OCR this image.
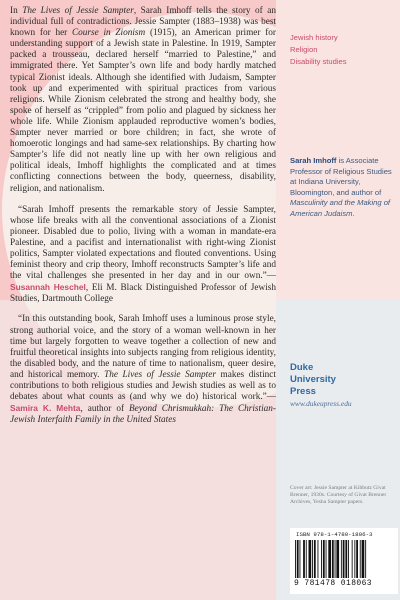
In The Lives of Jessie Sampter, Sarah Imhoff tells the story of an individual full of contradictions. Jessie Sampter (1883–1938) was best known for her Course in Zionism (1915), an American primer for understanding support of a Jewish state in Palestine. In 1919, Sampter packed a trousseau, declared herself “married to Palestine,” and immigrated there. Yet Sampter’s own life and body hardly matched typical Zionist ideals. Although she identified with Judaism, Sampter took up and experimented with spiritual practices from various religions. While Zionism celebrated the strong and healthy body, she spoke of herself as “crippled” from polio and plagued by sickness her whole life. While Zionism applauded reproductive women’s bodies, Sampter never married or bore children; in fact, she wrote of homoerotic longings and had same-sex relationships. By charting how Sampter’s life did not neatly line up with her own religious and political ideals, Imhoff highlights the complicated and at times conflicting connections between the body, queerness, disability, religion, and nationalism.

“Sarah Imhoff presents the remarkable story of Jessie Sampter, whose life breaks with all the conventional associations of a Zionist pioneer. Disabled due to polio, living with a woman in mandate-era Palestine, and a pacifist and internationalist with right-wing Zionist politics, Sampter violated expectations and flouted conventions. Using feminist theory and crip theory, Imhoff reconstructs Sampter’s life and the vital challenges she presented in her day and in our own.”—Susannah Heschel, Eli M. Black Distinguished Professor of Jewish Studies, Dartmouth College

“In this outstanding book, Sarah Imhoff uses a luminous prose style, strong authorial voice, and the story of a woman well-known in her time but largely forgotten to weave together a collection of new and fruitful theoretical insights into subjects ranging from religious identity, the disabled body, and the nature of time to nationalism, queer desire, and historical memory. The Lives of Jessie Sampter makes distinct contributions to both religious studies and Jewish studies as well as to debates about what counts as (and why we do) historical work.”—Samira K. Mehta, author of Beyond Chrismukkah: The Christian-Jewish Interfaith Family in the United States

Jewish history
Religion
Disability studies
Sarah Imhoff is Associate Professor of Religious Studies at Indiana University, Bloomington, and author of Masculinity and the Making of American Judaism.
Duke
University
Press
www.dukeupress.edu
Cover art: Jessie Sampter at Kibbutz Givat Brenner, 1930s. Courtesy of Givat Brenner Archives, Yesha Sampter papers.
ISBN 978-1-4780-1806-3
9 781478 018063
